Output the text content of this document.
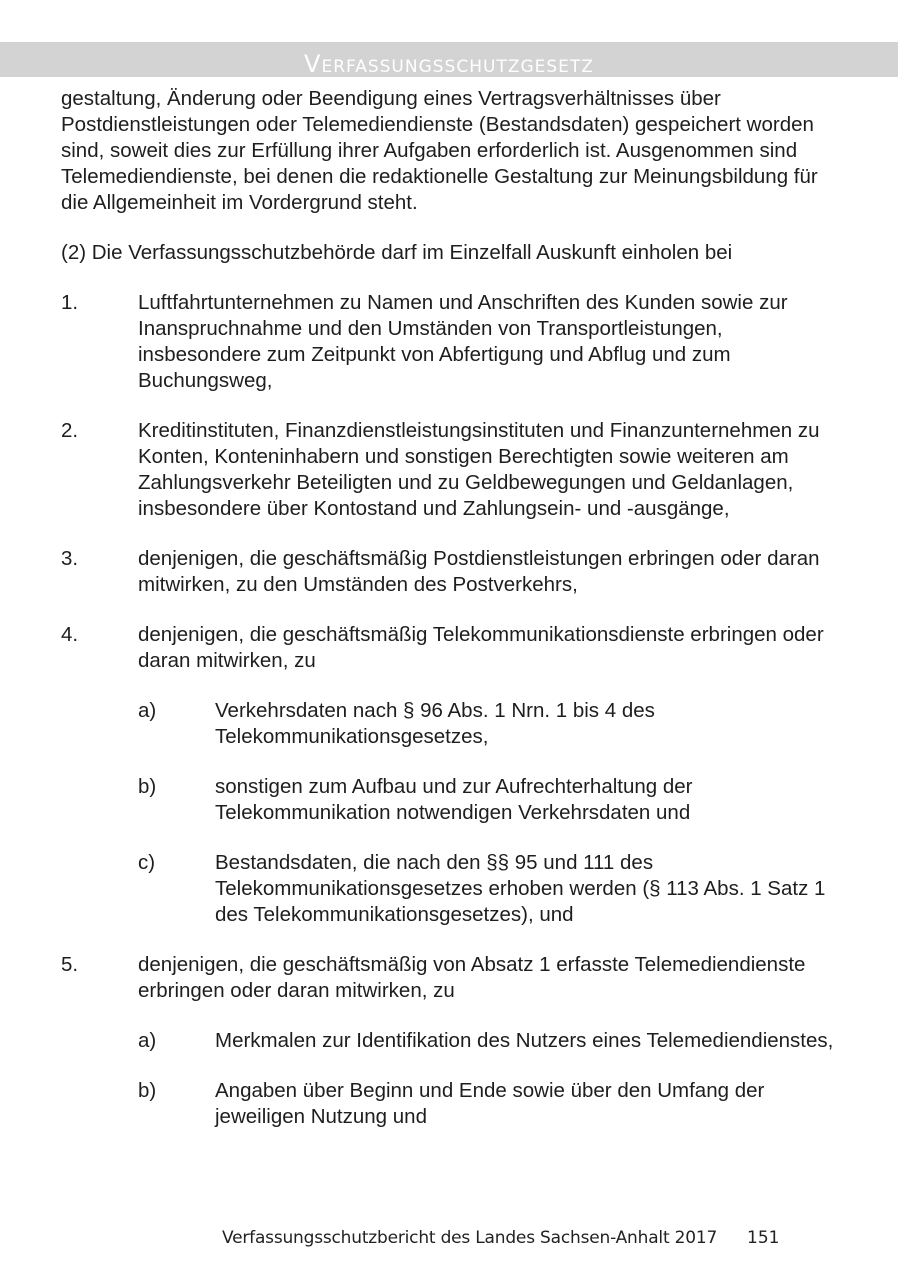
Verfassungsschutzgesetz

gestaltung, Änderung oder Beendigung eines Vertragsverhältnisses über Postdienstleistungen oder Telemediendienste (Bestandsdaten) gespeichert worden sind, soweit dies zur Erfüllung ihrer Aufgaben erforderlich ist. Ausgenommen sind Telemediendienste, bei denen die redaktionelle Gestaltung zur Meinungsbildung für die Allgemeinheit im Vordergrund steht.

(2) Die Verfassungsschutzbehörde darf im Einzelfall Auskunft einholen bei

1.	Luftfahrtunternehmen zu Namen und Anschriften des Kunden sowie zur Inanspruchnahme und den Umständen von Transportleistungen, insbesondere zum Zeitpunkt von Abfertigung und Abflug und zum Buchungsweg,
2.	Kreditinstituten, Finanzdienstleistungsinstituten und Finanzunternehmen zu Konten, Konteninhabern und sonstigen Berechtigten sowie weiteren am Zahlungsverkehr Beteiligten und zu Geldbewegungen und Geldanlagen, insbesondere über Kontostand und Zahlungsein- und -ausgänge,
3.	denjenigen, die geschäftsmäßig Postdienstleistungen erbringen oder daran mitwirken, zu den Umständen des Postverkehrs,
4.	denjenigen, die geschäftsmäßig Telekommunikationsdienste erbringen oder daran mitwirken, zu
a)	Verkehrsdaten nach § 96 Abs. 1 Nrn. 1 bis 4 des Telekommunikationsgesetzes,
b)	sonstigen zum Aufbau und zur Aufrechterhaltung der Telekommunikation notwendigen Verkehrsdaten und
c)	Bestandsdaten, die nach den §§ 95 und 111 des Telekommunikationsgesetzes erhoben werden (§ 113 Abs. 1 Satz 1 des Telekommunikationsgesetzes), und
5.	denjenigen, die geschäftsmäßig von Absatz 1 erfasste Telemediendienste erbringen oder daran mitwirken, zu
a)	Merkmalen zur Identifikation des Nutzers eines Telemediendienstes,
b)	Angaben über Beginn und Ende sowie über den Umfang der jeweiligen Nutzung und
Verfassungsschutzbericht des Landes Sachsen-Anhalt 2017 151
